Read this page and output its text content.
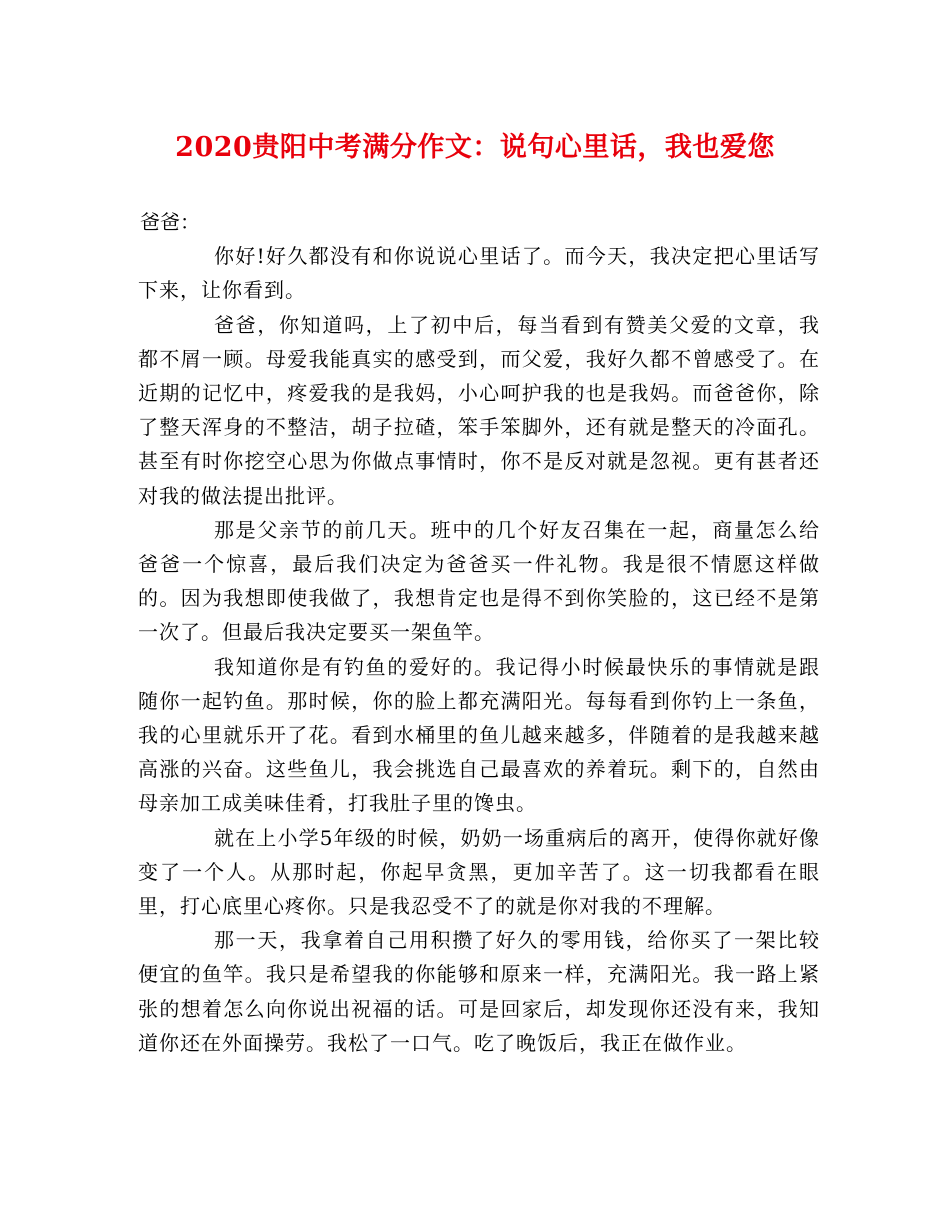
2020贵阳中考满分作文：说句心里话，我也爱您

爸爸：

你好!好久都没有和你说说心里话了。而今天，我决定把心里话写下来，让你看到。

爸爸，你知道吗，上了初中后，每当看到有赞美父爱的文章，我都不屑一顾。母爱我能真实的感受到，而父爱，我好久都不曾感受了。在近期的记忆中，疼爱我的是我妈，小心呵护我的也是我妈。而爸爸你，除了整天浑身的不整洁，胡子拉碴，笨手笨脚外，还有就是整天的冷面孔。甚至有时你挖空心思为你做点事情时，你不是反对就是忽视。更有甚者还对我的做法提出批评。

那是父亲节的前几天。班中的几个好友召集在一起，商量怎么给爸爸一个惊喜，最后我们决定为爸爸买一件礼物。我是很不情愿这样做的。因为我想即使我做了，我想肯定也是得不到你笑脸的，这已经不是第一次了。但最后我决定要买一架鱼竿。

我知道你是有钓鱼的爱好的。我记得小时候最快乐的事情就是跟随你一起钓鱼。那时候，你的脸上都充满阳光。每每看到你钓上一条鱼，我的心里就乐开了花。看到水桶里的鱼儿越来越多，伴随着的是我越来越高涨的兴奋。这些鱼儿，我会挑选自己最喜欢的养着玩。剩下的，自然由母亲加工成美味佳肴，打我肚子里的馋虫。

就在上小学5年级的时候，奶奶一场重病后的离开，使得你就好像变了一个人。从那时起，你起早贪黑，更加辛苦了。这一切我都看在眼里，打心底里心疼你。只是我忍受不了的就是你对我的不理解。

那一天，我拿着自己用积攒了好久的零用钱，给你买了一架比较便宜的鱼竿。我只是希望我的你能够和原来一样，充满阳光。我一路上紧张的想着怎么向你说出祝福的话。可是回家后，却发现你还没有来，我知道你还在外面操劳。我松了一口气。吃了晚饭后，我正在做作业。
